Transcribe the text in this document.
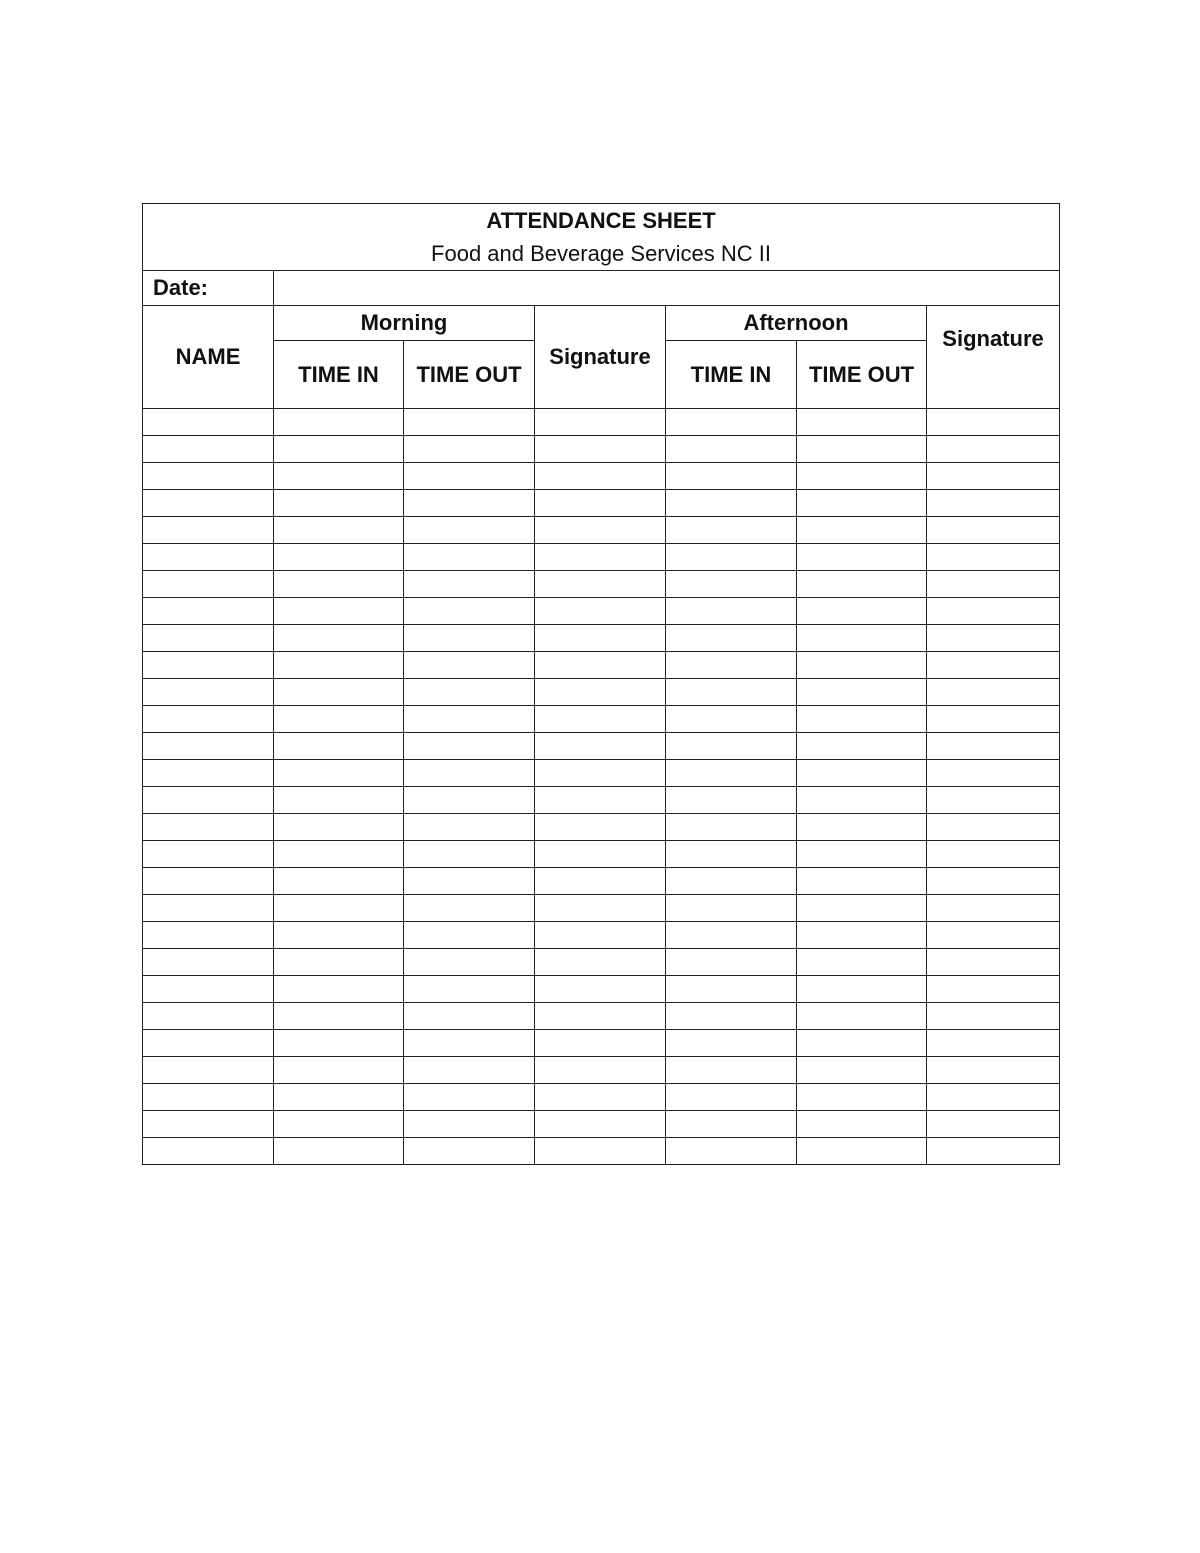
ATTENDANCE SHEET
Food and Beverage Services NC II						

Date:						
NAME	Morning		Signature	Afternoon		Signature
	TIME IN	TIME OUT		TIME IN	TIME OUT	
